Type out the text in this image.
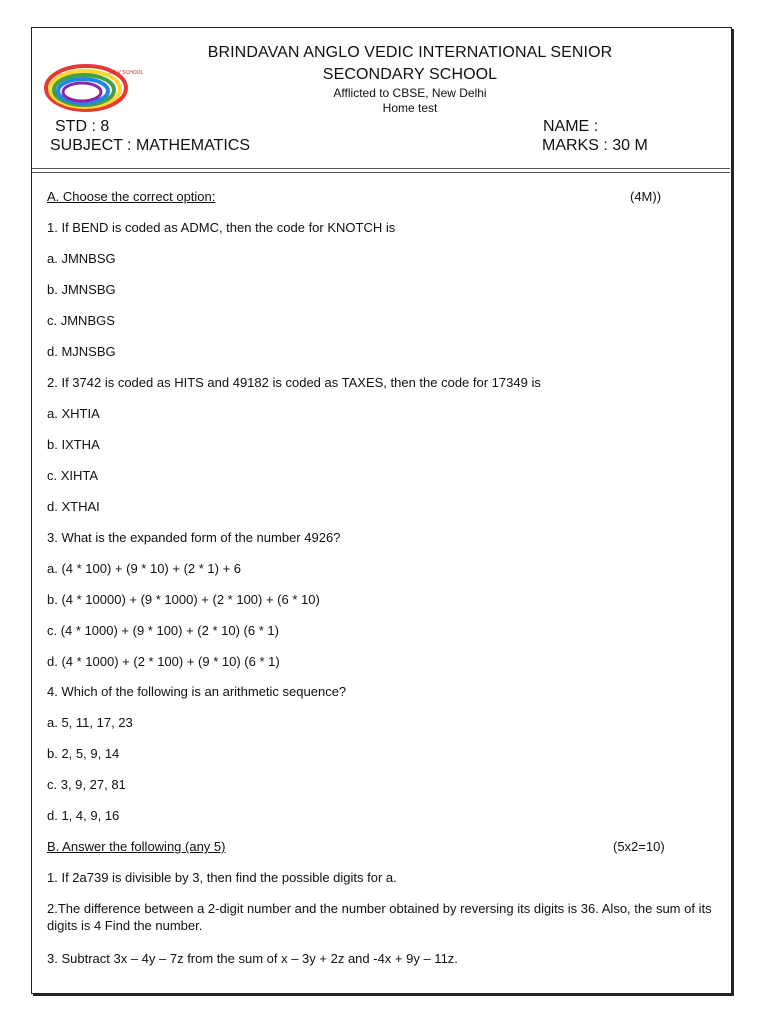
S.B.V SCHOOL
BRINDAVAN ANGLO VEDIC INTERNATIONAL SENIOR
SECONDARY SCHOOL
Afflicted to CBSE, New Delhi
Home test
STD : 8	NAME :
SUBJECT : MATHEMATICS	MARKS : 30 M
A. Choose the correct option:	(4M))
1. If BEND is coded as ADMC, then the code for KNOTCH is
a. JMNBSG
b. JMNSBG
c. JMNBGS
d. MJNSBG
2. If 3742 is coded as HITS and 49182 is coded as TAXES, then the code for 17349 is
a. XHTIA
b. IXTHA
c. XIHTA
d. XTHAI
3. What is the expanded form of the number 4926?
a. (4 * 100) + (9 * 10) + (2 * 1) + 6
b. (4 * 10000) + (9 * 1000) + (2 * 100) + (6 * 10)
c. (4 * 1000) + (9 * 100) + (2 * 10) (6 * 1)
d. (4 * 1000) + (2 * 100) + (9 * 10) (6 * 1)
4. Which of the following is an arithmetic sequence?
a. 5, 11, 17, 23
b. 2, 5, 9, 14
c. 3, 9, 27, 81
d. 1, 4, 9, 16
B. Answer the following (any 5)	(5x2=10)
1. If 2a739 is divisible by 3, then find the possible digits for a.
2.The difference between a 2-digit number and the number obtained by reversing its digits is 36. Also, the sum of its digits is 4 Find the number.
3. Subtract 3x – 4y – 7z from the sum of x – 3y + 2z and -4x + 9y – 11z.
